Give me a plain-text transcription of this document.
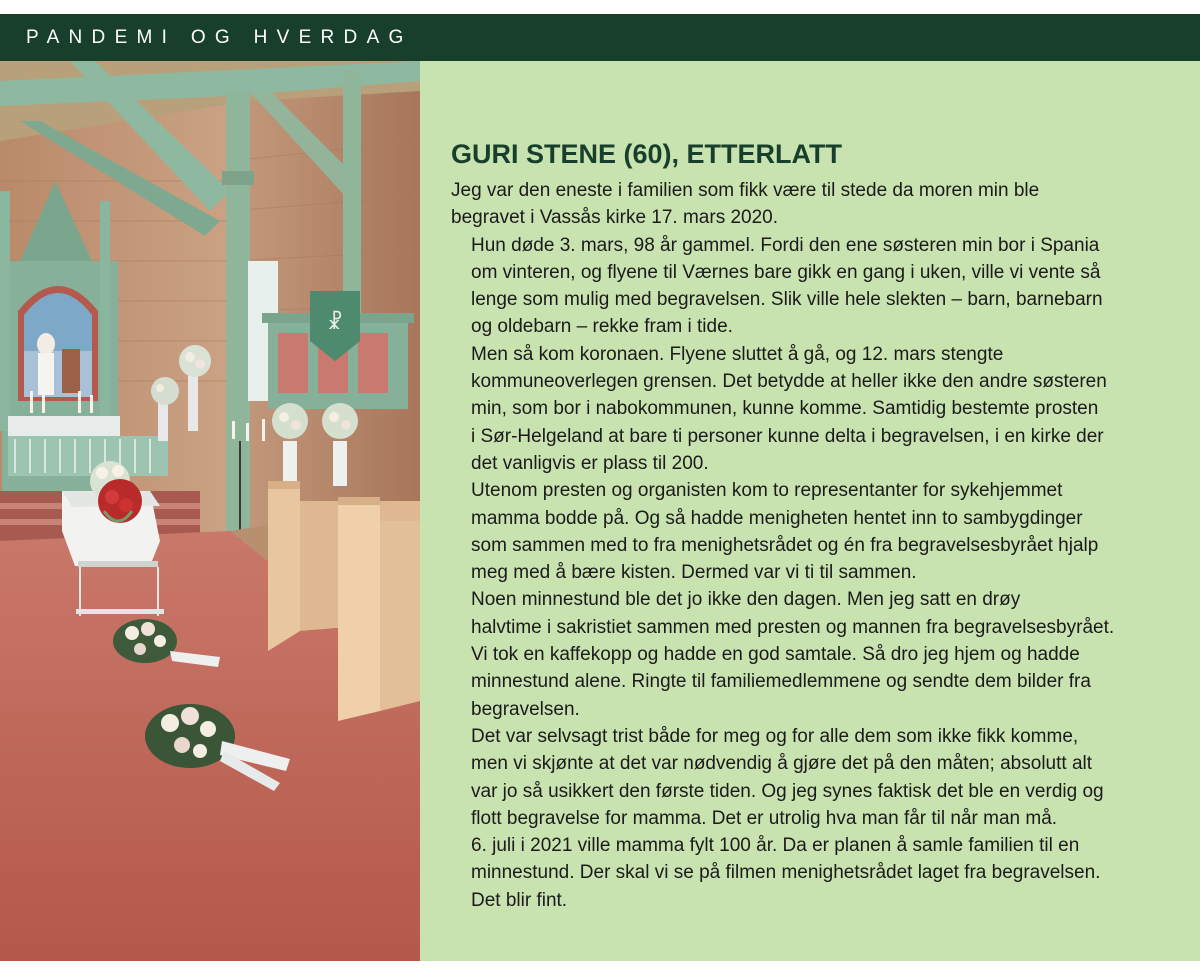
PANDEMI OG HVERDAG
☧
GURI STENE (60), ETTERLATT

Jeg var den eneste i familien som fikk være til stede da moren min ble
begravet i Vassås kirke 17. mars 2020.

Hun døde 3. mars, 98 år gammel. Fordi den ene søsteren min bor i Spania
om vinteren, og flyene til Værnes bare gikk en gang i uken, ville vi vente så
lenge som mulig med begravelsen. Slik ville hele slekten – barn, barnebarn
og oldebarn – rekke fram i tide.

Men så kom koronaen. Flyene sluttet å gå, og 12. mars stengte
kommuneoverlegen grensen. Det betydde at heller ikke den andre søsteren
min, som bor i nabokommunen, kunne komme. Samtidig bestemte prosten
i Sør-Helgeland at bare ti personer kunne delta i begravelsen, i en kirke der
det vanligvis er plass til 200.

Utenom presten og organisten kom to representanter for sykehjemmet
mamma bodde på. Og så hadde menigheten hentet inn to sambygdinger
som sammen med to fra menighetsrådet og én fra begravelsesbyrået hjalp
meg med å bære kisten. Dermed var vi ti til sammen.

Noen minnestund ble det jo ikke den dagen. Men jeg satt en drøy
halvtime i sakristiet sammen med presten og mannen fra begravelsesbyrået.
Vi tok en kaffekopp og hadde en god samtale. Så dro jeg hjem og hadde
minnestund alene. Ringte til familiemedlemmene og sendte dem bilder fra
begravelsen.

Det var selvsagt trist både for meg og for alle dem som ikke fikk komme,
men vi skjønte at det var nødvendig å gjøre det på den måten; absolutt alt
var jo så usikkert den første tiden. Og jeg synes faktisk det ble en verdig og
flott begravelse for mamma. Det er utrolig hva man får til når man må.

6. juli i 2021 ville mamma fylt 100 år. Da er planen å samle familien til en
minnestund. Der skal vi se på filmen menighetsrådet laget fra begravelsen.
Det blir fint.
